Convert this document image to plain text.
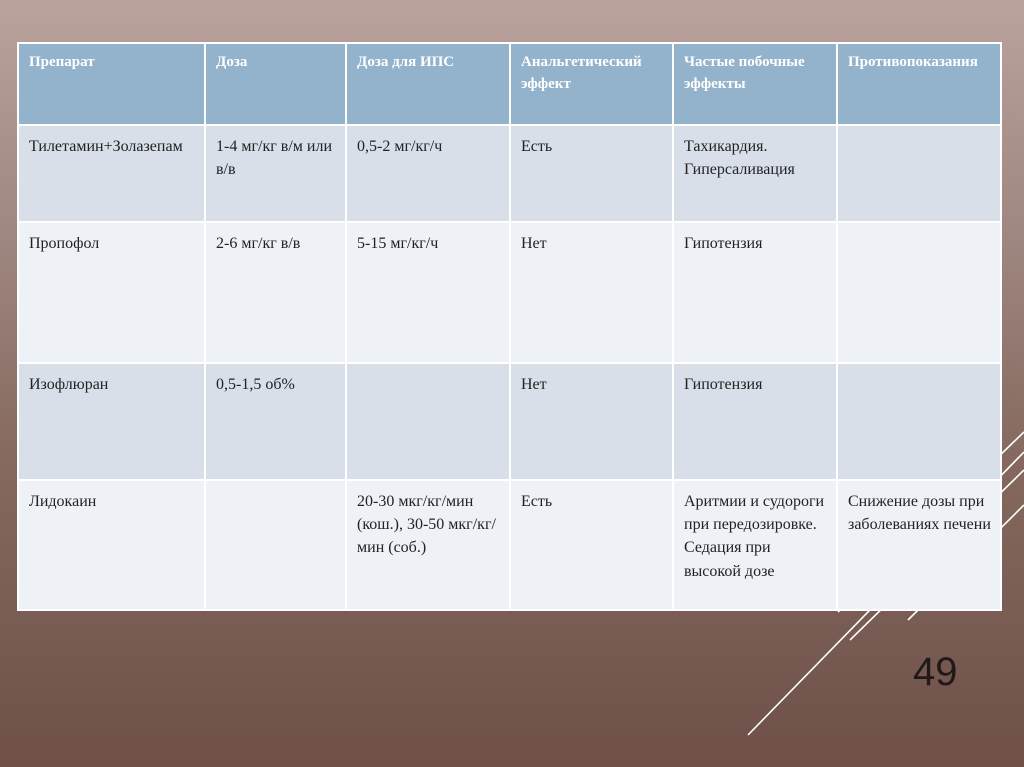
Препарат	Доза	Доза для ИПС	Анальгетический эффект	Частые побочные эффекты	Противопоказания
Тилетамин+Золазепам	1-4 мг/кг в/м или в/в	0,5-2 мг/кг/ч	Есть	Тахикардия. Гиперсаливация	
Пропофол	2-6 мг/кг в/в	5-15 мг/кг/ч	Нет	Гипотензия	
Изофлюран	0,5-1,5 об%		Нет	Гипотензия	
Лидокаин		20-30 мкг/кг/мин (кош.), 30-50 мкг/кг/мин (соб.)	Есть	Аритмии и судороги при передозировке. Седация при высокой дозе	Снижение дозы при заболеваниях печени
49
